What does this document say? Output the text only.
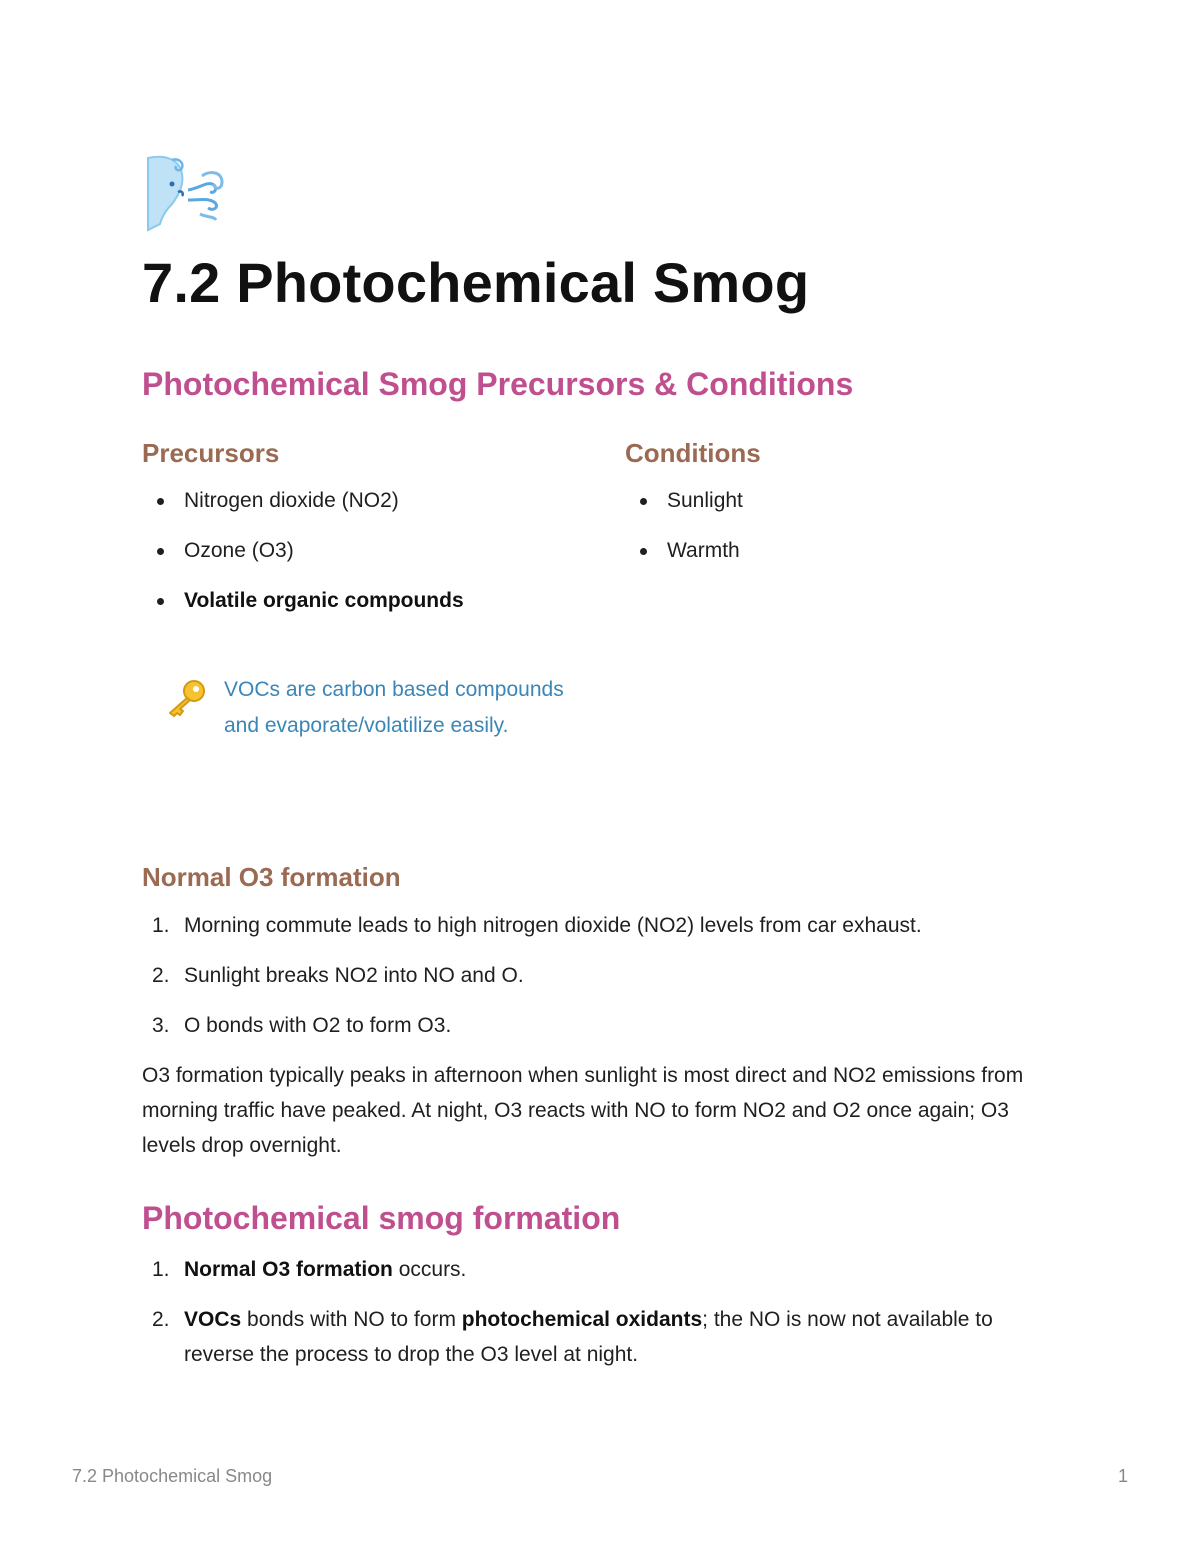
7.2 Photochemical Smog
Photochemical Smog Precursors & Conditions
Precursors
Nitrogen dioxide (NO2)
Ozone (O3)
Volatile organic compounds
Conditions
Sunlight
Warmth
VOCs are carbon based compounds and evaporate/volatilize easily.
Normal O3 formation
1. Morning commute leads to high nitrogen dioxide (NO2) levels from car exhaust.
2. Sunlight breaks NO2 into NO and O.
3. O bonds with O2 to form O3.

O3 formation typically peaks in afternoon when sunlight is most direct and NO2 emissions from morning traffic have peaked. At night, O3 reacts with NO to form NO2 and O2 once again; O3 levels drop overnight.

Photochemical smog formation
1. Normal O3 formation occurs.
2. VOCs bonds with NO to form photochemical oxidants; the NO is now not available to reverse the process to drop the O3 level at night.
7.2 Photochemical Smog	1
